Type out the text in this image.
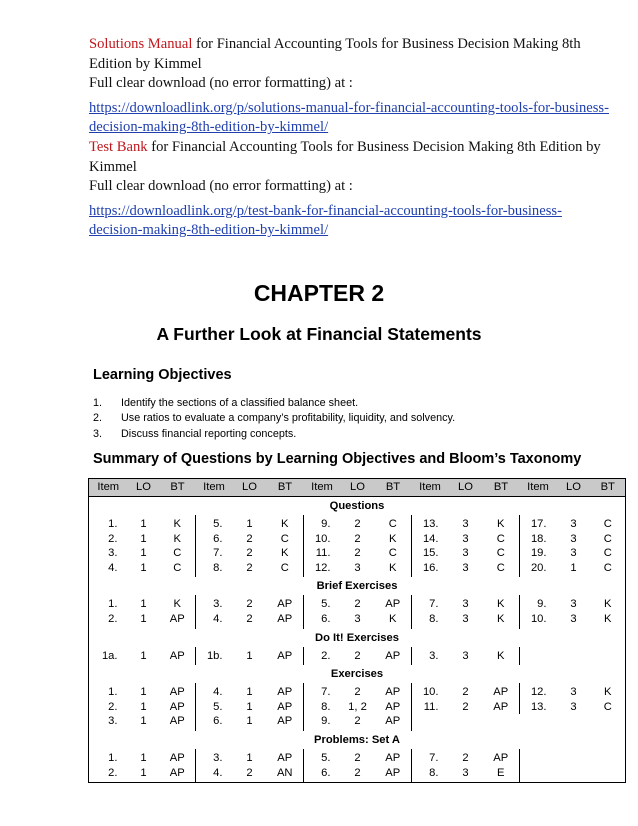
Solutions Manual for Financial Accounting Tools for Business Decision Making 8th Edition by Kimmel

Full clear download (no error formatting) at :

https://downloadlink.org/p/solutions-manual-for-financial-accounting-tools-for-business-decision-making-8th-edition-by-kimmel/

Test Bank for Financial Accounting Tools for Business Decision Making 8th Edition by Kimmel

Full clear download (no error formatting) at :

https://downloadlink.org/p/test-bank-for-financial-accounting-tools-for-business-decision-making-8th-edition-by-kimmel/
CHAPTER 2
A Further Look at Financial Statements
Learning Objectives
1.	Identify the sections of a classified balance sheet.
2.	Use ratios to evaluate a company’s profitability, liquidity, and solvency.
3.	Discuss financial reporting concepts.
Summary of Questions by Learning Objectives and Bloom’s Taxonomy
Item	LO	BT	Item	LO	BT	Item	LO	BT	Item	LO	BT	Item	LO	BT
Questions														
1.	1	K	5.	1	K	9.	2	C	13.	3	K	17.	3	C
2.	1	K	6.	2	C	10.	2	K	14.	3	C	18.	3	C
3.	1	C	7.	2	K	11.	2	C	15.	3	C	19.	3	C
4.	1	C	8.	2	C	12.	3	K	16.	3	C	20.	1	C
Brief Exercises														
1.	1	K	3.	2	AP	5.	2	AP	7.	3	K	9.	3	K
2.	1	AP	4.	2	AP	6.	3	K	8.	3	K	10.	3	K
Do It! Exercises														
1a.	1	AP	1b.	1	AP	2.	2	AP	3.	3	K			
Exercises														
1.	1	AP	4.	1	AP	7.	2	AP	10.	2	AP	12.	3	K
2.	1	AP	5.	1	AP	8.	1, 2	AP	11.	2	AP	13.	3	C
3.	1	AP	6.	1	AP	9.	2	AP						
Problems: Set A														
1.	1	AP	3.	1	AP	5.	2	AP	7.	2	AP			
2.	1	AP	4.	2	AN	6.	2	AP	8.	3	E			
